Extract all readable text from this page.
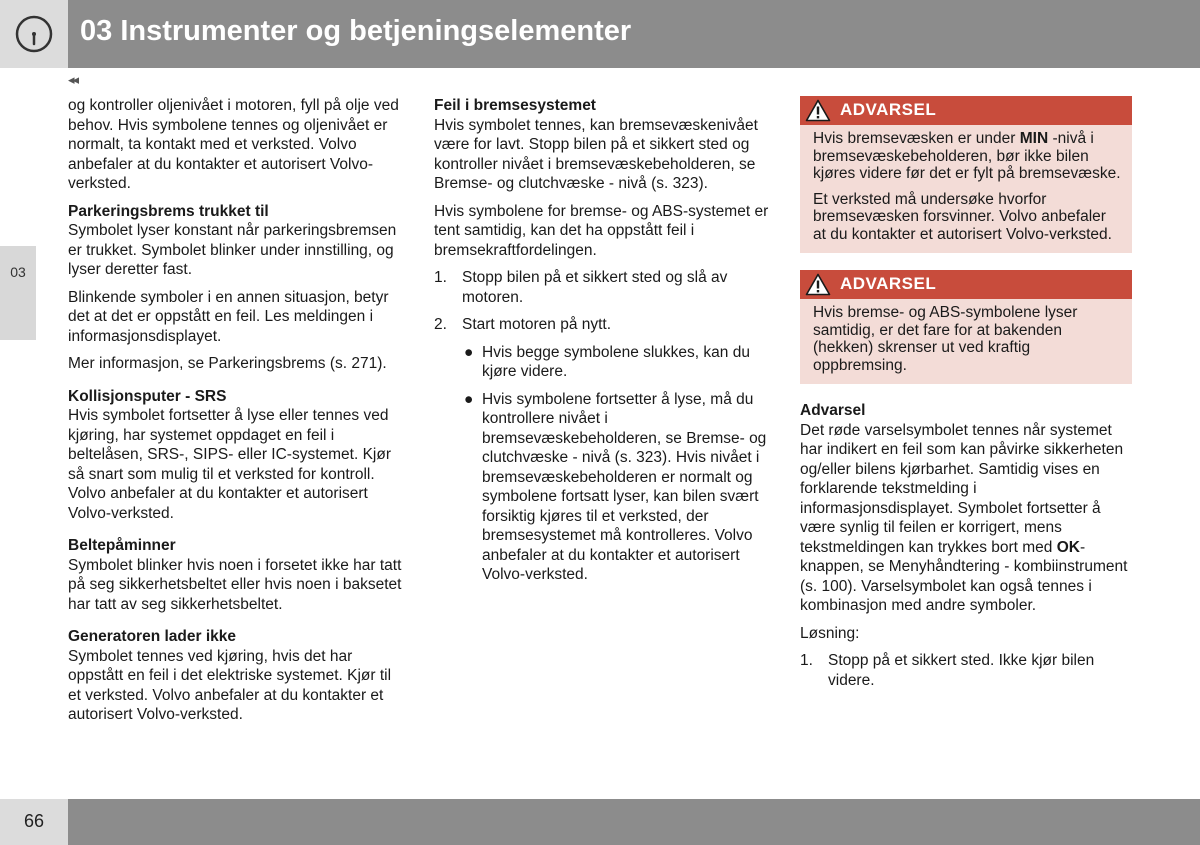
03 Instrumenter og betjeningselementer
03
◂◂

og kontroller oljenivået i motoren, fyll på olje ved behov. Hvis symbolene tennes og oljenivået er normalt, ta kontakt med et verksted. Volvo anbefaler at du kontakter et autorisert Volvo-verksted.

Parkeringsbrems trukket til

Symbolet lyser konstant når parkeringsbremsen er trukket. Symbolet blinker under innstilling, og lyser deretter fast.

Blinkende symboler i en annen situasjon, betyr det at det er oppstått en feil. Les meldingen i informasjonsdisplayet.

Mer informasjon, se Parkeringsbrems (s. 271).

Kollisjonsputer - SRS

Hvis symbolet fortsetter å lyse eller tennes ved kjøring, har systemet oppdaget en feil i beltelåsen, SRS-, SIPS- eller IC-systemet. Kjør så snart som mulig til et verksted for kontroll. Volvo anbefaler at du kontakter et autorisert Volvo-verksted.

Beltepåminner

Symbolet blinker hvis noen i forsetet ikke har tatt på seg sikkerhetsbeltet eller hvis noen i baksetet har tatt av seg sikkerhetsbeltet.

Generatoren lader ikke

Symbolet tennes ved kjøring, hvis det har oppstått en feil i det elektriske systemet. Kjør til et verksted. Volvo anbefaler at du kontakter et autorisert Volvo-verksted.

Feil i bremsesystemet

Hvis symbolet tennes, kan bremsevæskenivået være for lavt. Stopp bilen på et sikkert sted og kontroller nivået i bremsevæskebeholderen, se Bremse- og clutchvæske - nivå (s. 323).

Hvis symbolene for bremse- og ABS-systemet er tent samtidig, kan det ha oppstått feil i bremsekraftfordelingen.

1. Stopp bilen på et sikkert sted og slå av motoren.
2. Start motoren på nytt.
● Hvis begge symbolene slukkes, kan du kjøre videre.
● Hvis symbolene fortsetter å lyse, må du kontrollere nivået i bremsevæskebeholderen, se Bremse- og clutchvæske - nivå (s. 323). Hvis nivået i bremsevæskebeholderen er normalt og symbolene fortsatt lyser, kan bilen svært forsiktig kjøres til et verksted, der bremsesystemet må kontrolleres. Volvo anbefaler at du kontakter et autorisert Volvo-verksted.
ADVARSEL

Hvis bremsevæsken er under MIN -nivå i bremsevæskebeholderen, bør ikke bilen kjøres videre før det er fylt på bremsevæske.

Et verksted må undersøke hvorfor bremsevæsken forsvinner. Volvo anbefaler at du kontakter et autorisert Volvo-verksted.

ADVARSEL

Hvis bremse- og ABS-symbolene lyser samtidig, er det fare for at bakenden (hekken) skrenser ut ved kraftig oppbremsing.

Advarsel

Det røde varselsymbolet tennes når systemet har indikert en feil som kan påvirke sikkerheten og/eller bilens kjørbarhet. Samtidig vises en forklarende tekstmelding i informasjonsdisplayet. Symbolet fortsetter å være synlig til feilen er korrigert, mens tekstmeldingen kan trykkes bort med OK-knappen, se Menyhåndtering - kombiinstrument (s. 100). Varselsymbolet kan også tennes i kombinasjon med andre symboler.

Løsning:

1. Stopp på et sikkert sted. Ikke kjør bilen videre.
66
